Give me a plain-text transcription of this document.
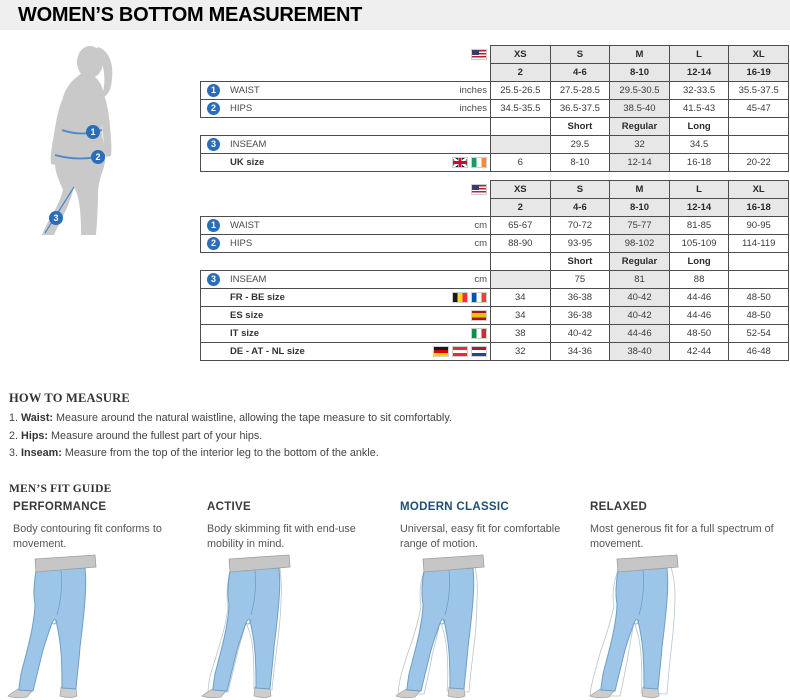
WOMEN’S BOTTOM MEASUREMENT
1
2
3
	XS	S	M	L	XL

	2	4-6	8-10	12-14	16-19

1 WAIST inches	25.5-26.5	27.5-28.5	29.5-30.5	32-33.5	35.5-37.5

2 HIPS inches	34.5-35.5	36.5-37.5	38.5-40	41.5-43	45-47

		Short	Regular	Long	

3 INSEAM		29.5	32	34.5	

UK size	6	8-10	12-14	16-18	20-22
	XS	S	M	L	XL

	2	4-6	8-10	12-14	16-18

1 WAIST cm	65-67	70-72	75-77	81-85	90-95

2 HIPS cm	88-90	93-95	98-102	105-109	114-119

		Short	Regular	Long	

3 INSEAM cm		75	81	88	

FR - BE size	34	36-38	40-42	44-46	48-50

ES size	34	36-38	40-42	44-46	48-50

IT size	38	40-42	44-46	48-50	52-54

DE - AT - NL size	32	34-36	38-40	42-44	46-48
HOW TO MEASURE

1. Waist: Measure around the natural waistline, allowing the tape measure to sit comfortably.

2. Hips: Measure around the fullest part of your hips.

3. Inseam: Measure from the top of the interior leg to the bottom of the ankle.

MEN’S FIT GUIDE
PERFORMANCE

Body contouring fit conforms to movement.

ACTIVE

Body skimming fit with end-use mobility in mind.

MODERN CLASSIC

Universal, easy fit for comfortable range of motion.

RELAXED

Most generous fit for a full spectrum of movement.
